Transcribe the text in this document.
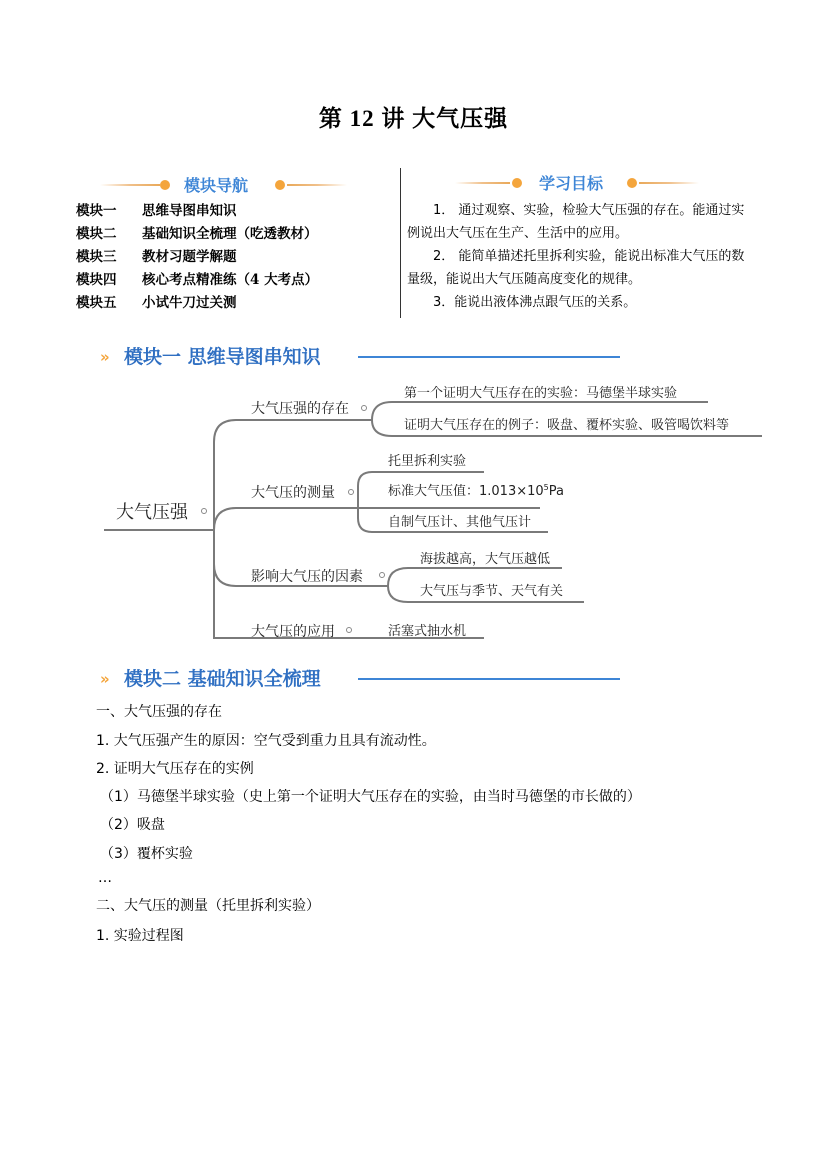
第 12 讲 大气压强
模块导航
模块一 思维导图串知识
模块二 基础知识全梳理（吃透教材）
模块三 教材习题学解题
模块四 核心考点精准练（4 大考点）
模块五 小试牛刀过关测
学习目标

1． 通过观察、实验，检验大气压强的存在。能通过实例说出大气压在生产、生活中的应用。

2． 能简单描述托里拆利实验，能说出标准大气压的数量级，能说出大气压随高度变化的规律。

3．能说出液体沸点跟气压的关系。

» 模块一 思维导图串知识
大气压强
大气压强的存在
第一个证明大气压存在的实验：马德堡半球实验
证明大气压存在的例子：吸盘、覆杯实验、吸管喝饮料等
大气压的测量
托里拆利实验
标准大气压值：$1.013\times 10^5Pa$
自制气压计、其他气压计
影响大气压的因素
海拔越高，大气压越低
大气压与季节、天气有关
大气压的应用	活塞式抽水机
» 模块二 基础知识全梳理
一、大气压强的存在
1. 大气压强产生的原因：空气受到重力且具有流动性。
2. 证明大气压存在的实例
（1）马德堡半球实验（史上第一个证明大气压存在的实验，由当时马德堡的市长做的）
（2）吸盘
（3）覆杯实验
…
二、大气压的测量（托里拆利实验）
1. 实验过程图
